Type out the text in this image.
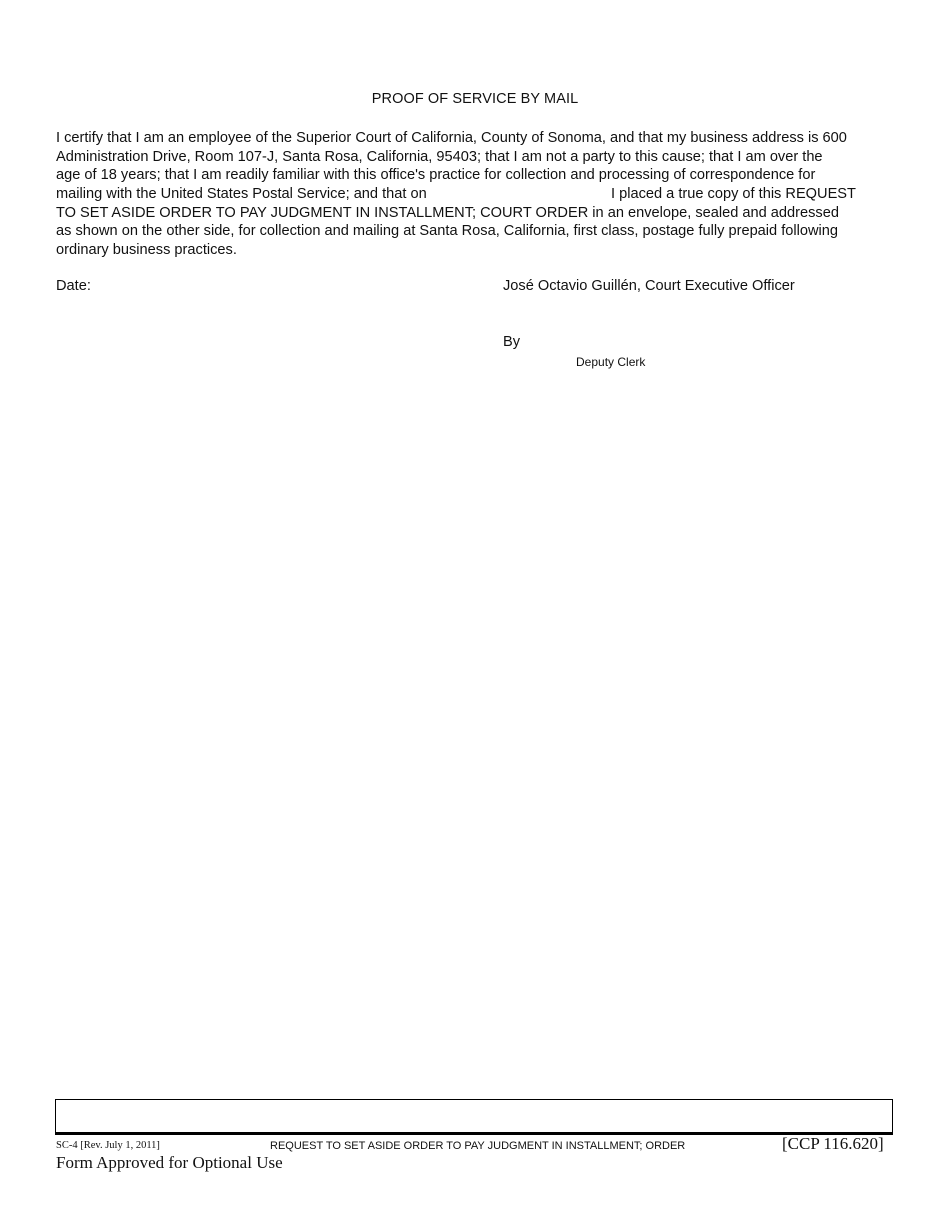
PROOF OF SERVICE BY MAIL
I certify that I am an employee of the Superior Court of California, County of Sonoma, and that my business address is 600
Administration Drive, Room 107-J, Santa Rosa, California, 95403; that I am not a party to this cause; that I am over the
age of 18 years; that I am readily familiar with this office's practice for collection and processing of correspondence for
mailing with the United States Postal Service; and that on	I placed a true copy of this REQUEST
TO SET ASIDE ORDER TO PAY JUDGMENT IN INSTALLMENT; COURT ORDER in an envelope, sealed and addressed
as shown on the other side, for collection and mailing at Santa Rosa, California, first class, postage fully prepaid following
ordinary business practices.
Date:	José Octavio Guillén, Court Executive Officer
By
Deputy Clerk
SC-4 [Rev. July 1, 2011]	REQUEST TO SET ASIDE ORDER TO PAY JUDGMENT IN INSTALLMENT; ORDER	[CCP 116.620]
Form Approved for Optional Use
